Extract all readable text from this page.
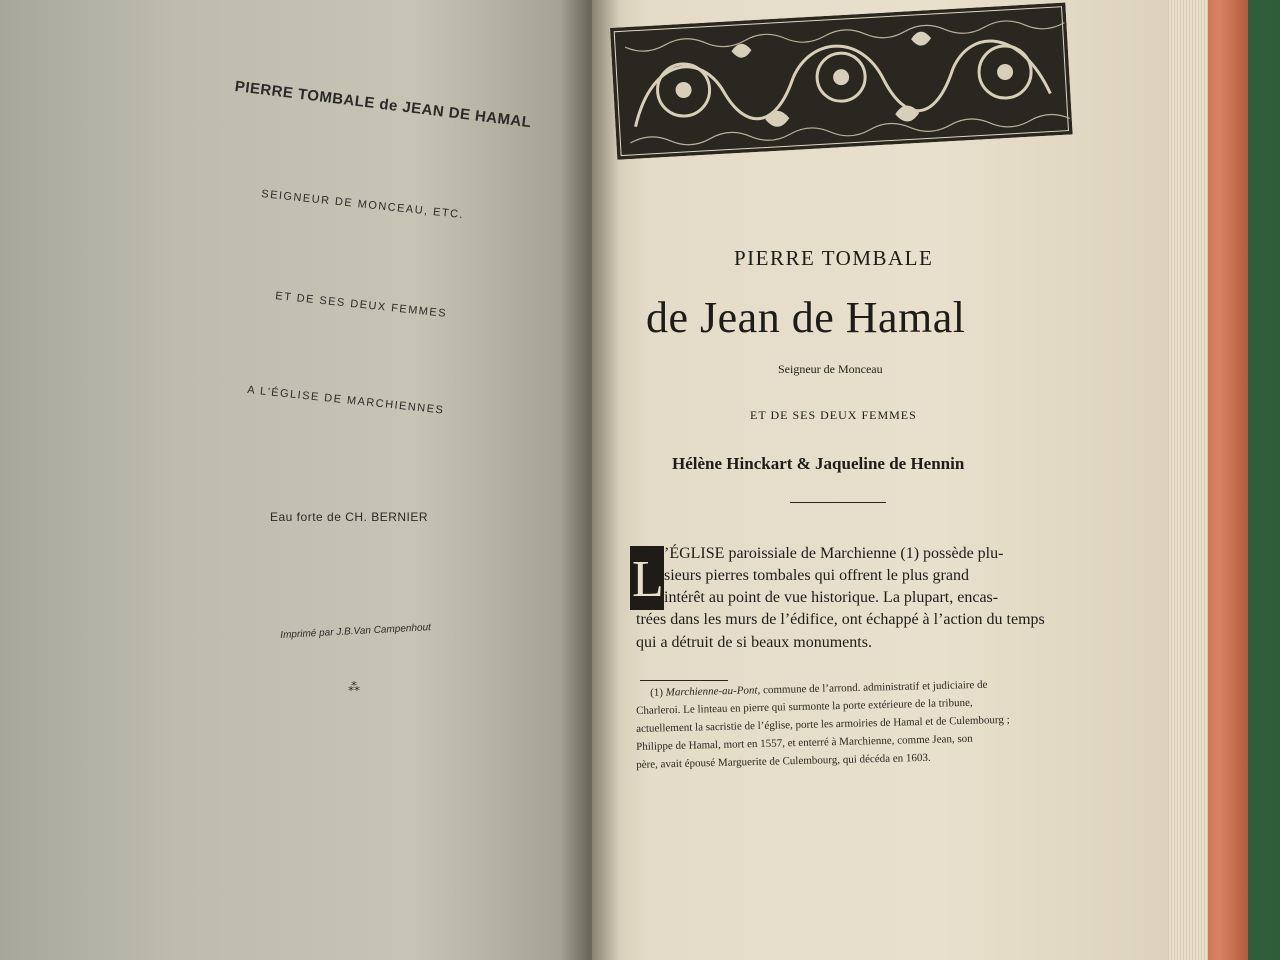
PIERRE TOMBALE de JEAN DE HAMAL
SEIGNEUR DE MONCEAU, ETC.
ET DE SES DEUX FEMMES
A L'ÉGLISE DE MARCHIENNES
Eau forte de CH. BERNIER
Imprimé par J.B.Van Campenhout
⁂
PIERRE TOMBALE
de Jean de Hamal
Seigneur de Monceau
ET DE SES DEUX FEMMES
Hélène Hinckart & Jaqueline de Hennin
L ’ÉGLISE paroissiale de Marchienne (1) possède plu-
sieurs pierres tombales qui offrent le plus grand
intérêt au point de vue historique. La plupart, encas-
trées dans les murs de l’édifice, ont échappé à l’action du temps
qui a détruit de si beaux monuments.
(1) Marchienne-au-Pont, commune de l’arrond. administratif et judiciaire de
Charleroi. Le linteau en pierre qui surmonte la porte extérieure de la tribune,
actuellement la sacristie de l’église, porte les armoiries de Hamal et de Culembourg ;
Philippe de Hamal, mort en 1557, et enterré à Marchienne, comme Jean, son
père, avait épousé Marguerite de Culembourg, qui décéda en 1603.
